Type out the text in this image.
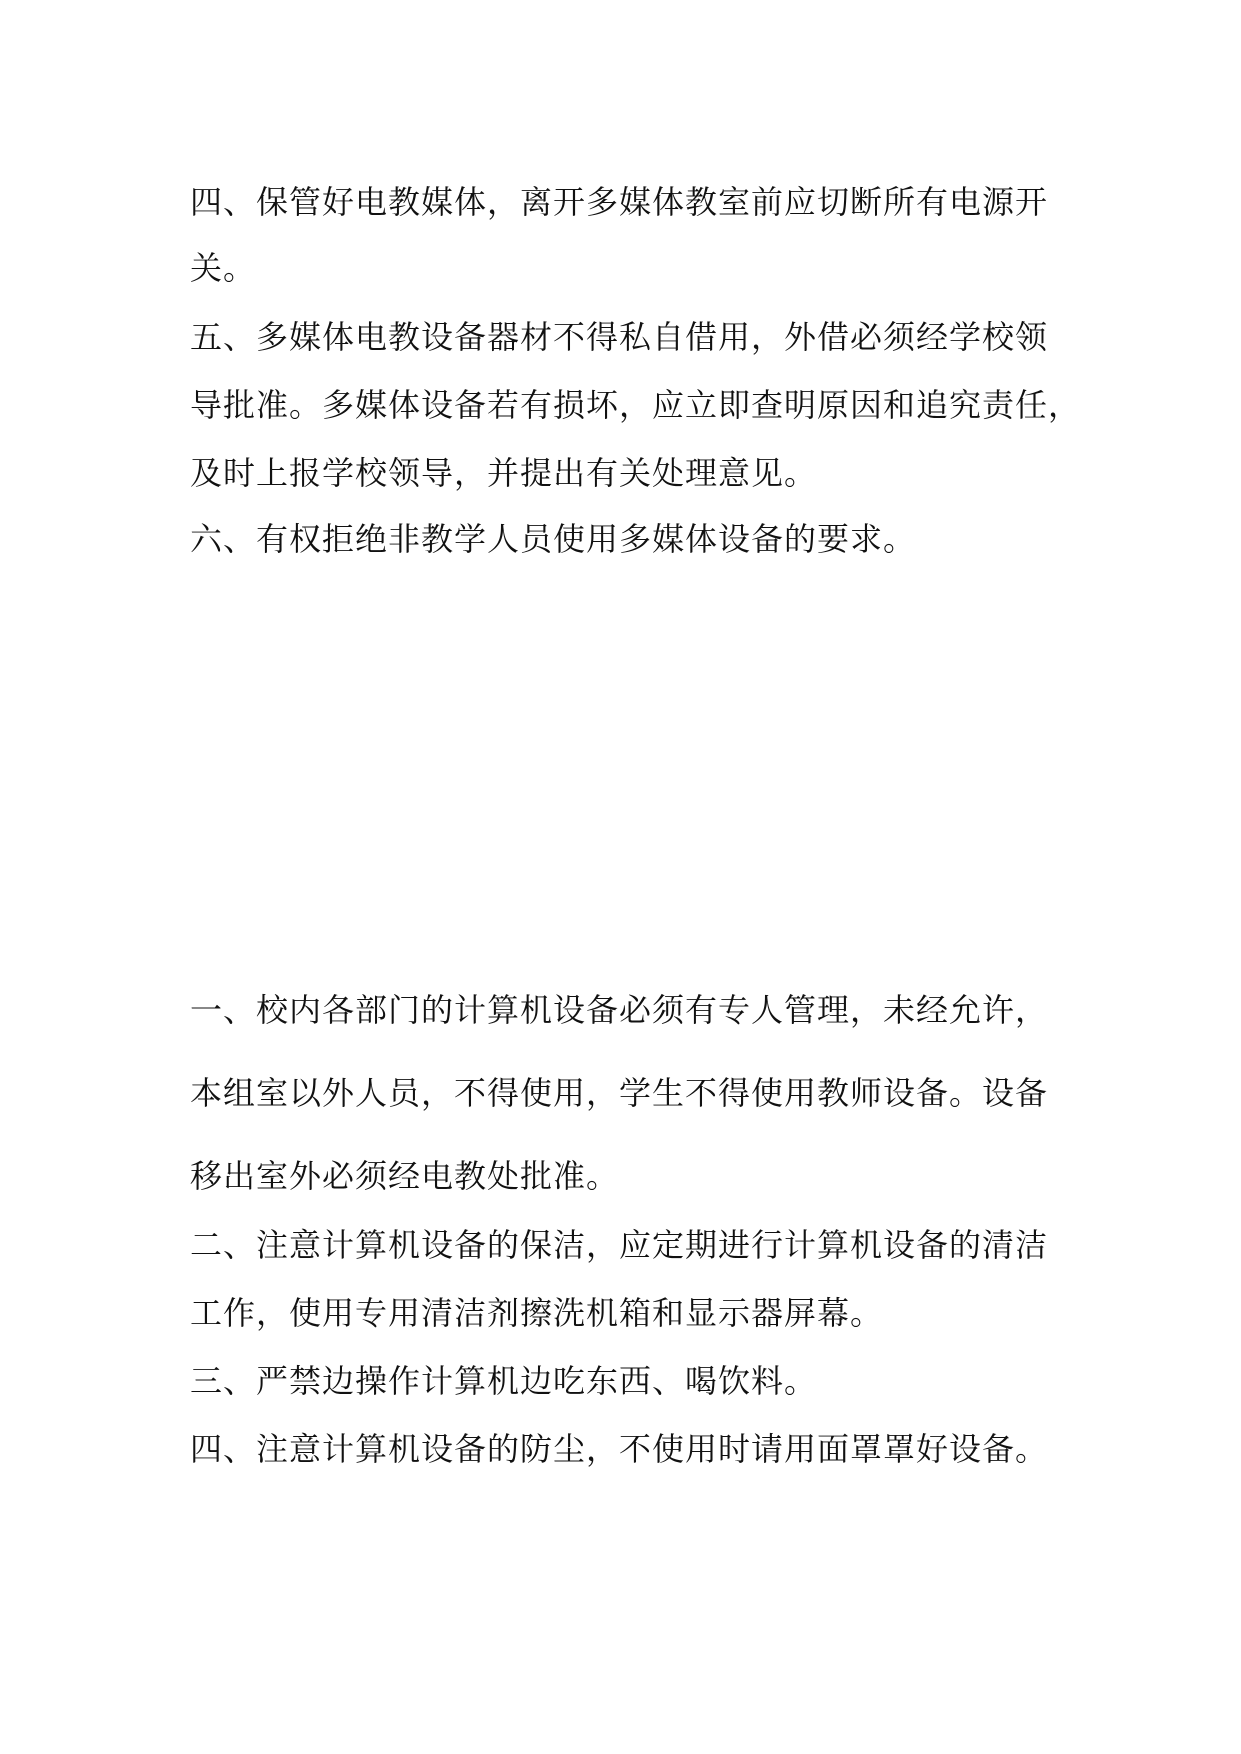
四、保管好电教媒体，离开多媒体教室前应切断所有电源开
关。
五、多媒体电教设备器材不得私自借用，外借必须经学校领
导批准。多媒体设备若有损坏，应立即查明原因和追究责任，
及时上报学校领导，并提出有关处理意见。
六、有权拒绝非教学人员使用多媒体设备的要求。
一、校内各部门的计算机设备必须有专人管理，未经允许，
本组室以外人员，不得使用，学生不得使用教师设备。设备
移出室外必须经电教处批准。
二、注意计算机设备的保洁，应定期进行计算机设备的清洁
工作，使用专用清洁剂擦洗机箱和显示器屏幕。
三、严禁边操作计算机边吃东西、喝饮料。
四、注意计算机设备的防尘，不使用时请用面罩罩好设备。
